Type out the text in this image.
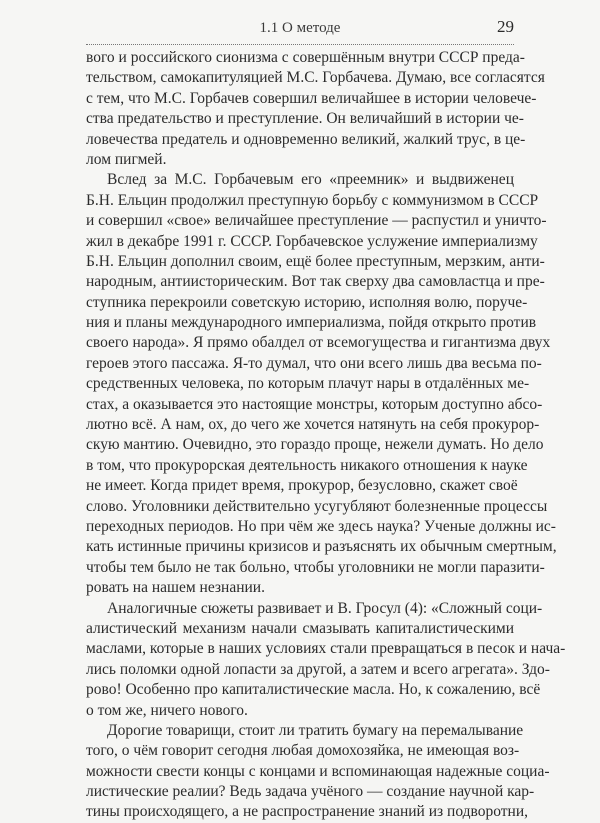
1.1 О методе	29
вого и российского сионизма с совершённым внутри СССР преда-
тельством, самокапитуляцией М.С. Горбачева. Думаю, все согласятся
с тем, что М.С. Горбачев совершил величайшее в истории человече-
ства предательство и преступление. Он величайший в истории че-
ловечества предатель и одновременно великий, жалкий трус, в це-
лом пигмей.
Вслед за М.С. Горбачевым его «преемник» и выдвиженец
Б.Н. Ельцин продолжил преступную борьбу с коммунизмом в СССР
и совершил «свое» величайшее преступление — распустил и уничто-
жил в декабре 1991 г. СССР. Горбачевское услужение империализму
Б.Н. Ельцин дополнил своим, ещё более преступным, мерзким, анти-
народным, антиисторическим. Вот так сверху два самовластца и пре-
ступника перекроили советскую историю, исполняя волю, поруче-
ния и планы международного империализма, пойдя открыто против
своего народа». Я прямо обалдел от всемогущества и гигантизма двух
героев этого пассажа. Я-то думал, что они всего лишь два весьма по-
средственных человека, по которым плачут нары в отдалённых ме-
стах, а оказывается это настоящие монстры, которым доступно абсо-
лютно всё. А нам, ох, до чего же хочется натянуть на себя прокурор-
скую мантию. Очевидно, это гораздо проще, нежели думать. Но дело
в том, что прокурорская деятельность никакого отношения к науке
не имеет. Когда придет время, прокурор, безусловно, скажет своё
слово. Уголовники действительно усугубляют болезненные процессы
переходных периодов. Но при чём же здесь наука? Ученые должны ис-
кать истинные причины кризисов и разъяснять их обычным смертным,
чтобы тем было не так больно, чтобы уголовники не могли паразити-
ровать на нашем незнании.
Аналогичные сюжеты развивает и В. Гросул (4): «Сложный соци-
алистический механизм начали смазывать капиталистическими
маслами, которые в наших условиях стали превращаться в песок и нача-
лись поломки одной лопасти за другой, а затем и всего агрегата». Здо-
рово! Особенно про капиталистические масла. Но, к сожалению, всё
о том же, ничего нового.
Дорогие товарищи, стоит ли тратить бумагу на перемалывание
того, о чём говорит сегодня любая домохозяйка, не имеющая воз-
можности свести концы с концами и вспоминающая надежные социа-
листические реалии? Ведь задача учёного — создание научной кар-
тины происходящего, а не распространение знаний из подворотни,
